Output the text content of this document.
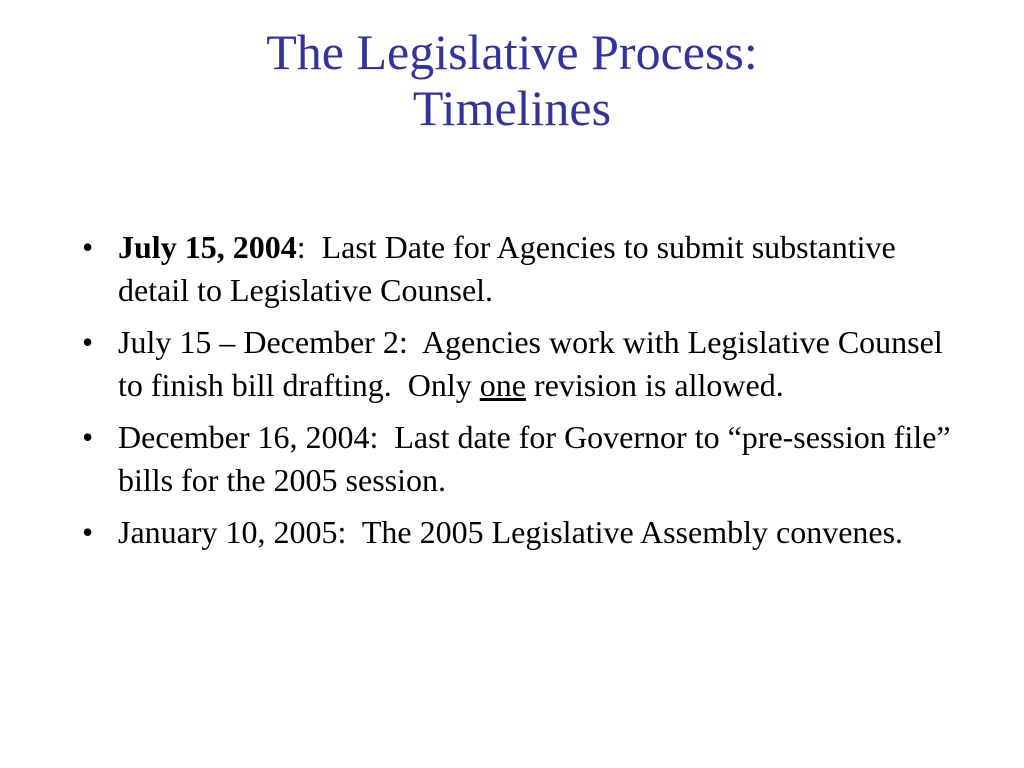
The Legislative Process:
Timelines
• July 15, 2004:  Last Date for Agencies to submit substantive detail to Legislative Counsel.
• July 15 – December 2:  Agencies work with Legislative Counsel to finish bill drafting.  Only one revision is allowed.
• December 16, 2004:  Last date for Governor to “pre-session file” bills for the 2005 session.
• January 10, 2005:  The 2005 Legislative Assembly convenes.
